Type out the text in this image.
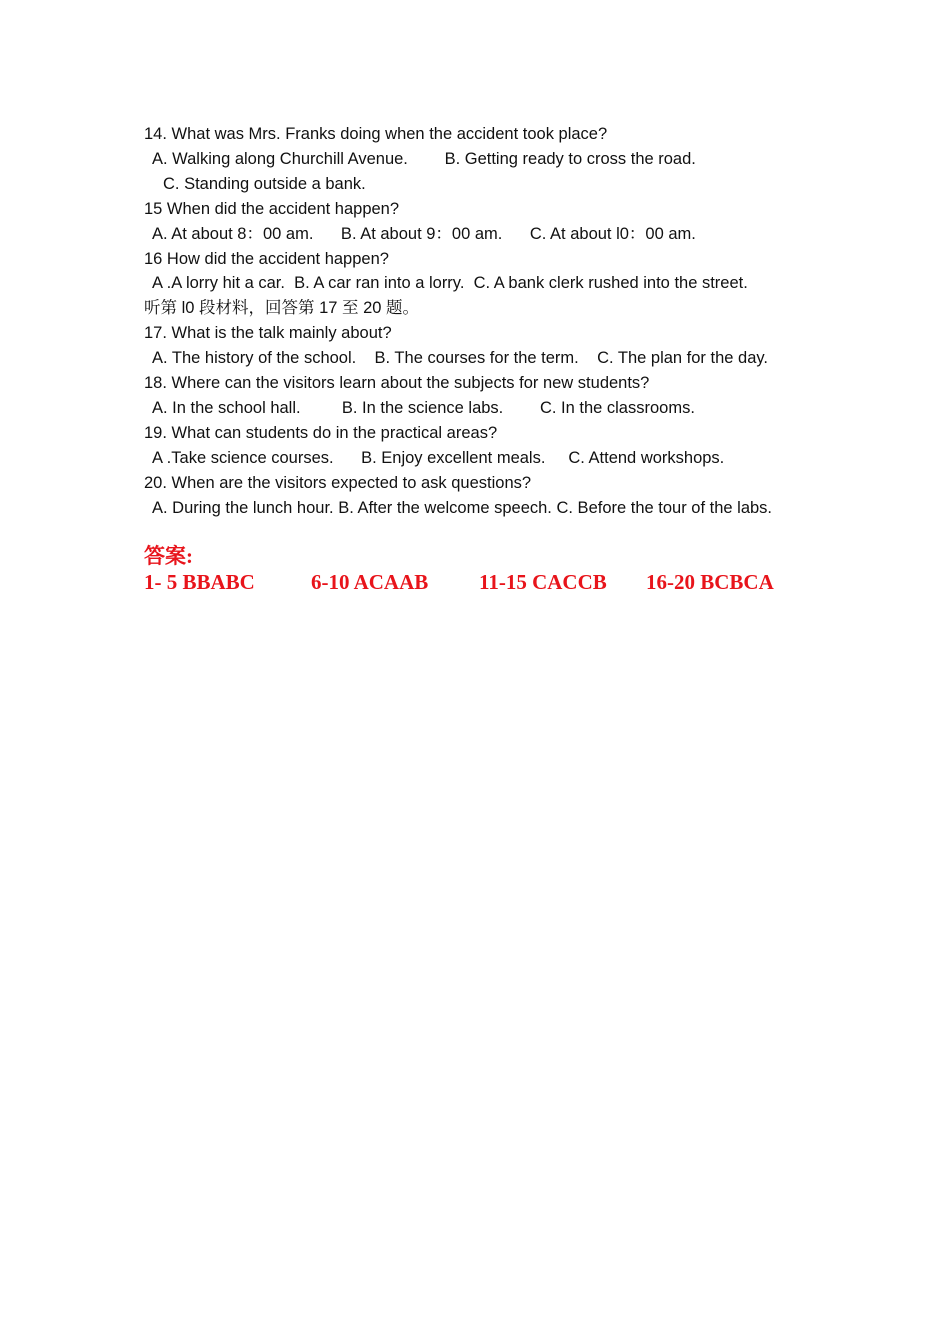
14. What was Mrs. Franks doing when the accident took place?
A. Walking along Churchill Avenue.        B. Getting ready to cross the road.
C. Standing outside a bank.
15 When did the accident happen?
A. At about 8：00 am.      B. At about 9：00 am.      C. At about l0：00 am.
16 How did the accident happen?
A .A lorry hit a car.  B. A car ran into a lorry.  C. A bank clerk rushed into the street.
听第 l0 段材料，回答第 17 至 20 题。
17. What is the talk mainly about?
A. The history of the school.    B. The courses for the term.    C. The plan for the day.
18. Where can the visitors learn about the subjects for new students?
A. In the school hall.         B. In the science labs.        C. In the classrooms.
19. What can students do in the practical areas?
A .Take science courses.      B. Enjoy excellent meals.     C. Attend workshops.
20. When are the visitors expected to ask questions?
A. During the lunch hour. B. After the welcome speech. C. Before the tour of the labs.
答案:
1- 5 BBABC	6-10 ACAAB	11-15 CACCB	16-20 BCBCA
